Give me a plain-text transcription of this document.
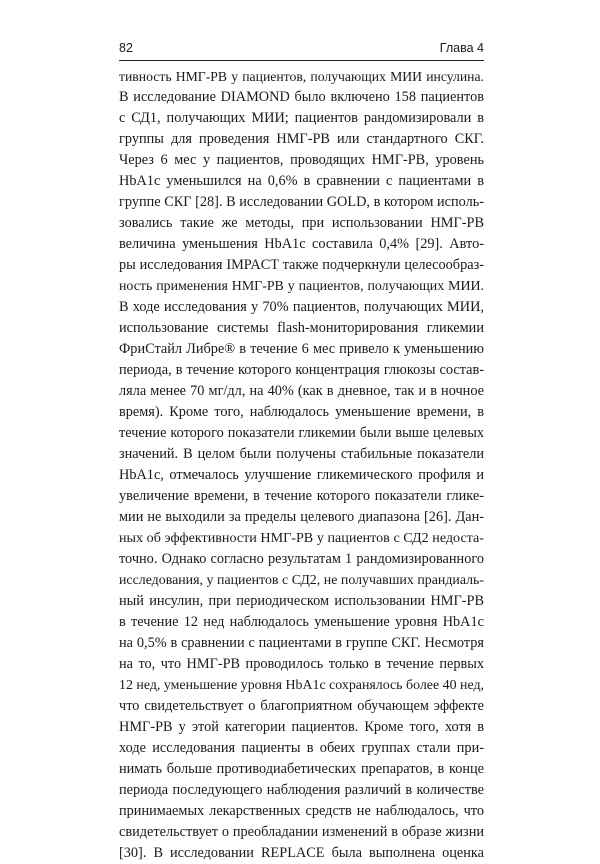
82	Глава 4
тивность НМГ-РВ у пациентов, получающих МИИ инсулина.
В исследование DIAMOND было включено 158 пациентов
с СД1, получающих МИИ; пациентов рандомизировали в
группы для проведения НМГ-РВ или стандартного СКГ.
Через 6 мес у пациентов, проводящих НМГ-РВ, уровень
HbA1c уменьшился на 0,6% в сравнении с пациентами в
группе СКГ [28]. В исследовании GOLD, в котором исполь-
зовались такие же методы, при использовании НМГ-РВ
величина уменьшения HbA1c составила 0,4% [29]. Авто-
ры исследования IMPACT также подчеркнули целесообраз-
ность применения НМГ-РВ у пациентов, получающих МИИ.
В ходе исследования у 70% пациентов, получающих МИИ,
использование системы flash-мониторирования гликемии
ФриСтайл Либре® в течение 6 мес привело к уменьшению
периода, в течение которого концентрация глюкозы состав-
ляла менее 70 мг/дл, на 40% (как в дневное, так и в ночное
время). Кроме того, наблюдалось уменьшение времени, в
течение которого показатели гликемии были выше целевых
значений. В целом были получены стабильные показатели
HbA1c, отмечалось улучшение гликемического профиля и
увеличение времени, в течение которого показатели глике-
мии не выходили за пределы целевого диапазона [26]. Дан-
ных об эффективности НМГ-РВ у пациентов с СД2 недоста-
точно. Однако согласно результатам 1 рандомизированного
исследования, у пациентов с СД2, не получавших прандиаль-
ный инсулин, при периодическом использовании НМГ-РВ
в течение 12 нед наблюдалось уменьшение уровня HbA1c
на 0,5% в сравнении с пациентами в группе СКГ. Несмотря
на то, что НМГ-РВ проводилось только в течение первых
12 нед, уменьшение уровня HbA1c сохранялось более 40 нед,
что свидетельствует о благоприятном обучающем эффекте
НМГ-РВ у этой категории пациентов. Кроме того, хотя в
ходе исследования пациенты в обеих группах стали при-
нимать больше противодиабетических препаратов, в конце
периода последующего наблюдения различий в количестве
принимаемых лекарственных средств не наблюдалось, что
свидетельствует о преобладании изменений в образе жизни
[30]. В исследовании REPLACE была выполнена оценка
